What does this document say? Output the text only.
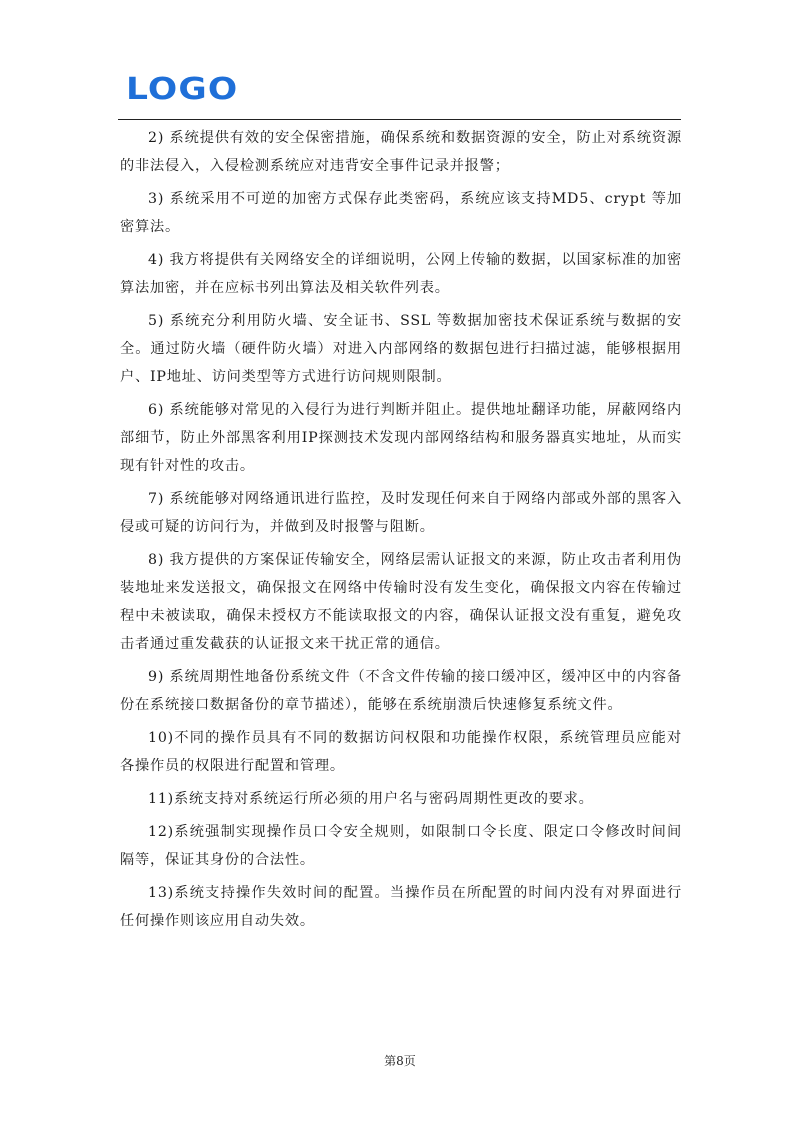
LOGO

2) 系统提供有效的安全保密措施，确保系统和数据资源的安全，防止对系统资源的非法侵入，入侵检测系统应对违背安全事件记录并报警；

3) 系统采用不可逆的加密方式保存此类密码，系统应该支持MD5、crypt 等加密算法。

4) 我方将提供有关网络安全的详细说明，公网上传输的数据，以国家标准的加密算法加密，并在应标书列出算法及相关软件列表。

5) 系统充分利用防火墙、安全证书、SSL 等数据加密技术保证系统与数据的安全。通过防火墙（硬件防火墙）对进入内部网络的数据包进行扫描过滤，能够根据用户、IP地址、访问类型等方式进行访问规则限制。

6) 系统能够对常见的入侵行为进行判断并阻止。提供地址翻译功能，屏蔽网络内部细节，防止外部黑客利用IP探测技术发现内部网络结构和服务器真实地址，从而实现有针对性的攻击。

7) 系统能够对网络通讯进行监控，及时发现任何来自于网络内部或外部的黑客入侵或可疑的访问行为，并做到及时报警与阻断。

8) 我方提供的方案保证传输安全，网络层需认证报文的来源，防止攻击者利用伪装地址来发送报文，确保报文在网络中传输时没有发生变化，确保报文内容在传输过程中未被读取，确保未授权方不能读取报文的内容，确保认证报文没有重复，避免攻击者通过重发截获的认证报文来干扰正常的通信。

9) 系统周期性地备份系统文件（不含文件传输的接口缓冲区，缓冲区中的内容备份在系统接口数据备份的章节描述），能够在系统崩溃后快速修复系统文件。

10)不同的操作员具有不同的数据访问权限和功能操作权限，系统管理员应能对各操作员的权限进行配置和管理。

11)系统支持对系统运行所必须的用户名与密码周期性更改的要求。

12)系统强制实现操作员口令安全规则，如限制口令长度、限定口令修改时间间隔等，保证其身份的合法性。

13)系统支持操作失效时间的配置。当操作员在所配置的时间内没有对界面进行任何操作则该应用自动失效。

第8页
